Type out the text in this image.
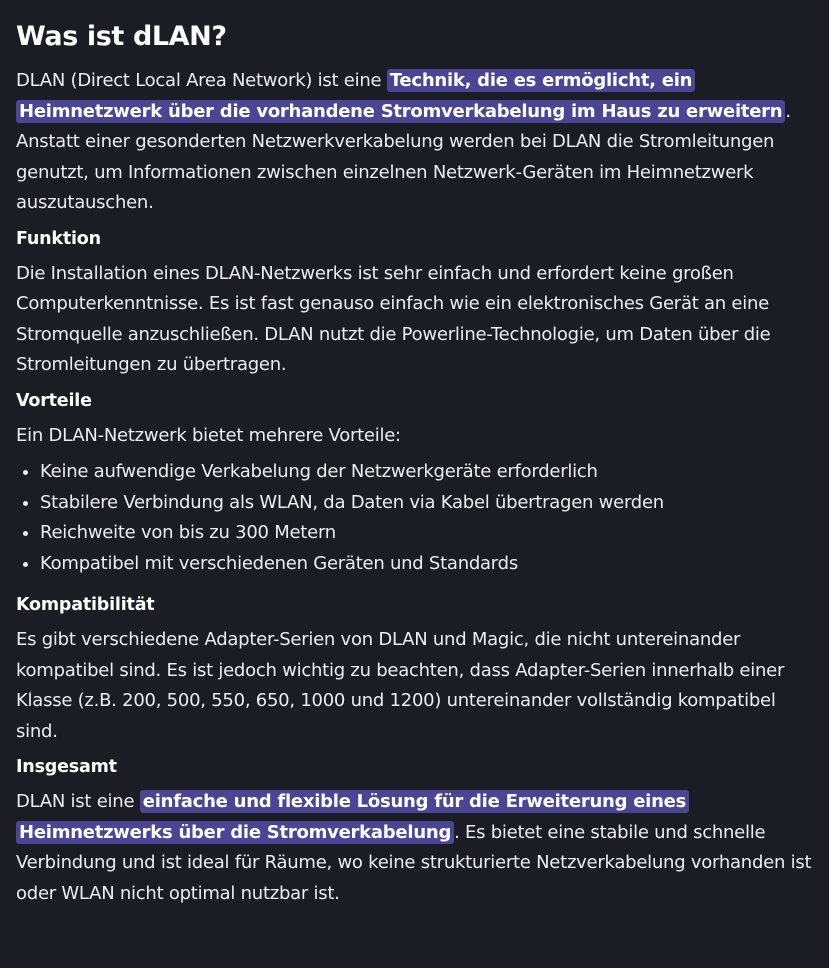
Was ist dLAN?

DLAN (Direct Local Area Network) ist eine Technik, die es ermöglicht, ein Heimnetzwerk über die vorhandene Stromverkabelung im Haus zu erweitern . Anstatt einer gesonderten Netzwerkverkabelung werden bei DLAN die Stromleitungen genutzt, um Informationen zwischen einzelnen Netzwerk-Geräten im Heimnetzwerk auszutauschen.

Funktion

Die Installation eines DLAN-Netzwerks ist sehr einfach und erfordert keine großen Computerkenntnisse. Es ist fast genauso einfach wie ein elektronisches Gerät an eine Stromquelle anzuschließen. DLAN nutzt die Powerline-Technologie, um Daten über die Stromleitungen zu übertragen.

Vorteile

Ein DLAN-Netzwerk bietet mehrere Vorteile:

• Keine aufwendige Verkabelung der Netzwerkgeräte erforderlich
• Stabilere Verbindung als WLAN, da Daten via Kabel übertragen werden
• Reichweite von bis zu 300 Metern
• Kompatibel mit verschiedenen Geräten und Standards
Kompatibilität

Es gibt verschiedene Adapter-Serien von DLAN und Magic, die nicht untereinander kompatibel sind. Es ist jedoch wichtig zu beachten, dass Adapter-Serien innerhalb einer Klasse (z.B. 200, 500, 550, 650, 1000 und 1200) untereinander vollständig kompatibel sind.

Insgesamt

DLAN ist eine einfache und flexible Lösung für die Erweiterung eines Heimnetzwerks über die Stromverkabelung . Es bietet eine stabile und schnelle Verbindung und ist ideal für Räume, wo keine strukturierte Netzverkabelung vorhanden ist oder WLAN nicht optimal nutzbar ist.
